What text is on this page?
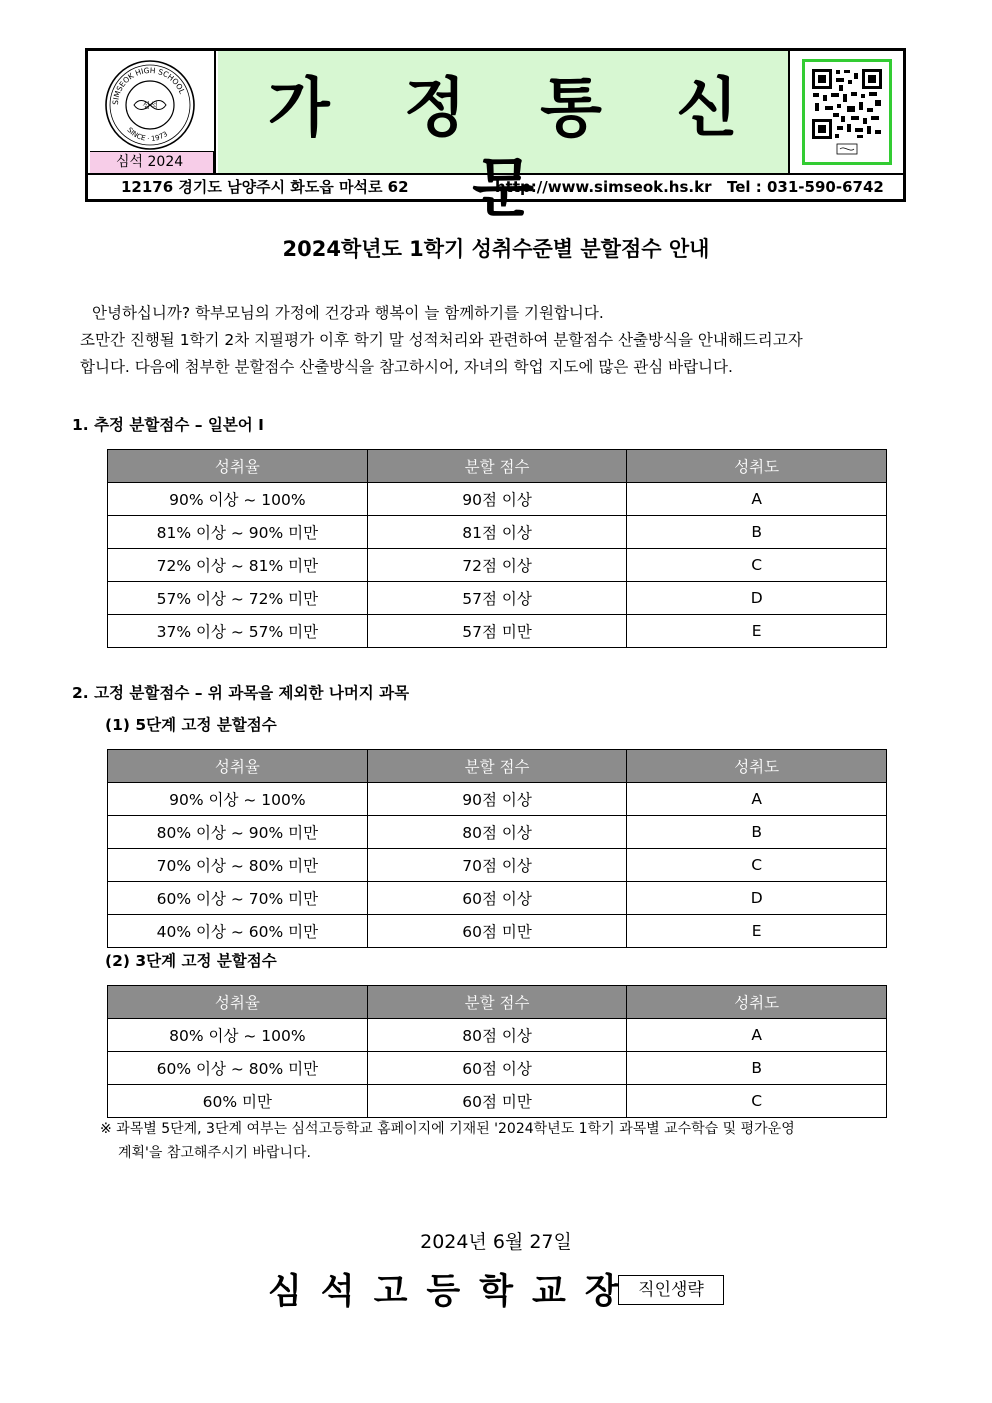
SIMSEOK HIGH SCHOOL
SINCE · 1973
심석
심석 2024
가 정 통 신 문
12176 경기도 남양주시 화도읍 마석로 62	http://www.simseok.hs.kr Tel : 031-590-6742
2024학년도 1학기 성취수준별 분할점수 안내

안녕하십니까? 학부모님의 가정에 건강과 행복이 늘 함께하기를 기원합니다.

조만간 진행될 1학기 2차 지필평가 이후 학기 말 성적처리와 관련하여 분할점수 산출방식을 안내해드리고자

합니다. 다음에 첨부한 분할점수 산출방식을 참고하시어, 자녀의 학업 지도에 많은 관심 바랍니다.

1. 추정 분할점수 – 일본어 I

성취율	분할 점수	성취도
90% 이상 ~ 100%	90점 이상	A
81% 이상 ~ 90% 미만	81점 이상	B
72% 이상 ~ 81% 미만	72점 이상	C
57% 이상 ~ 72% 미만	57점 이상	D
37% 이상 ~ 57% 미만	57점 미만	E

2. 고정 분할점수 – 위 과목을 제외한 나머지 과목

(1) 5단계 고정 분할점수

성취율	분할 점수	성취도
90% 이상 ~ 100%	90점 이상	A
80% 이상 ~ 90% 미만	80점 이상	B
70% 이상 ~ 80% 미만	70점 이상	C
60% 이상 ~ 70% 미만	60점 이상	D
40% 이상 ~ 60% 미만	60점 미만	E

(2) 3단계 고정 분할점수

성취율	분할 점수	성취도
80% 이상 ~ 100%	80점 이상	A
60% 이상 ~ 80% 미만	60점 이상	B
60% 미만	60점 미만	C

※ 과목별 5단계, 3단계 여부는 심석고등학교 홈페이지에 기재된 '2024학년도 1학기 과목별 교수학습 및 평가운영

계획'을 참고해주시기 바랍니다.

2024년 6월 27일
심석고등학교장 직인생략
